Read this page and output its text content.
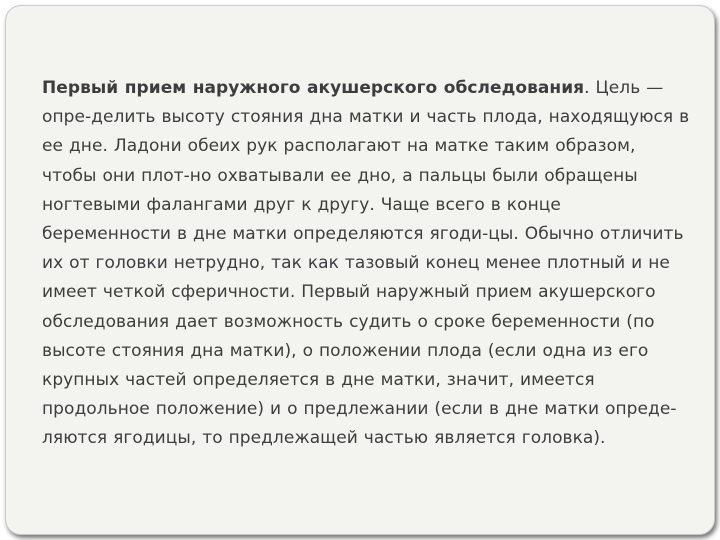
Первый прием наружного акушерского обследования. Цель — опре-делить высоту стояния дна матки и часть плода, находящуюся в ее дне. Ладони обеих рук располагают на матке таким образом, чтобы они плот-но охватывали ее дно, а пальцы были обращены ногтевыми фалангами друг к другу. Чаще всего в конце беременности в дне матки определяются ягоди-цы. Обычно отличить их от головки нетрудно, так как тазовый конец менее плотный и не имеет четкой сферичности. Первый наружный прием акушерского обследования дает возможность судить о сроке беременности (по высоте стояния дна матки), о положении плода (если одна из его крупных частей определяется в дне матки, значит, имеется продольное положение) и о предлежании (если в дне матки опреде-ляются ягодицы, то предлежащей частью является головка).
